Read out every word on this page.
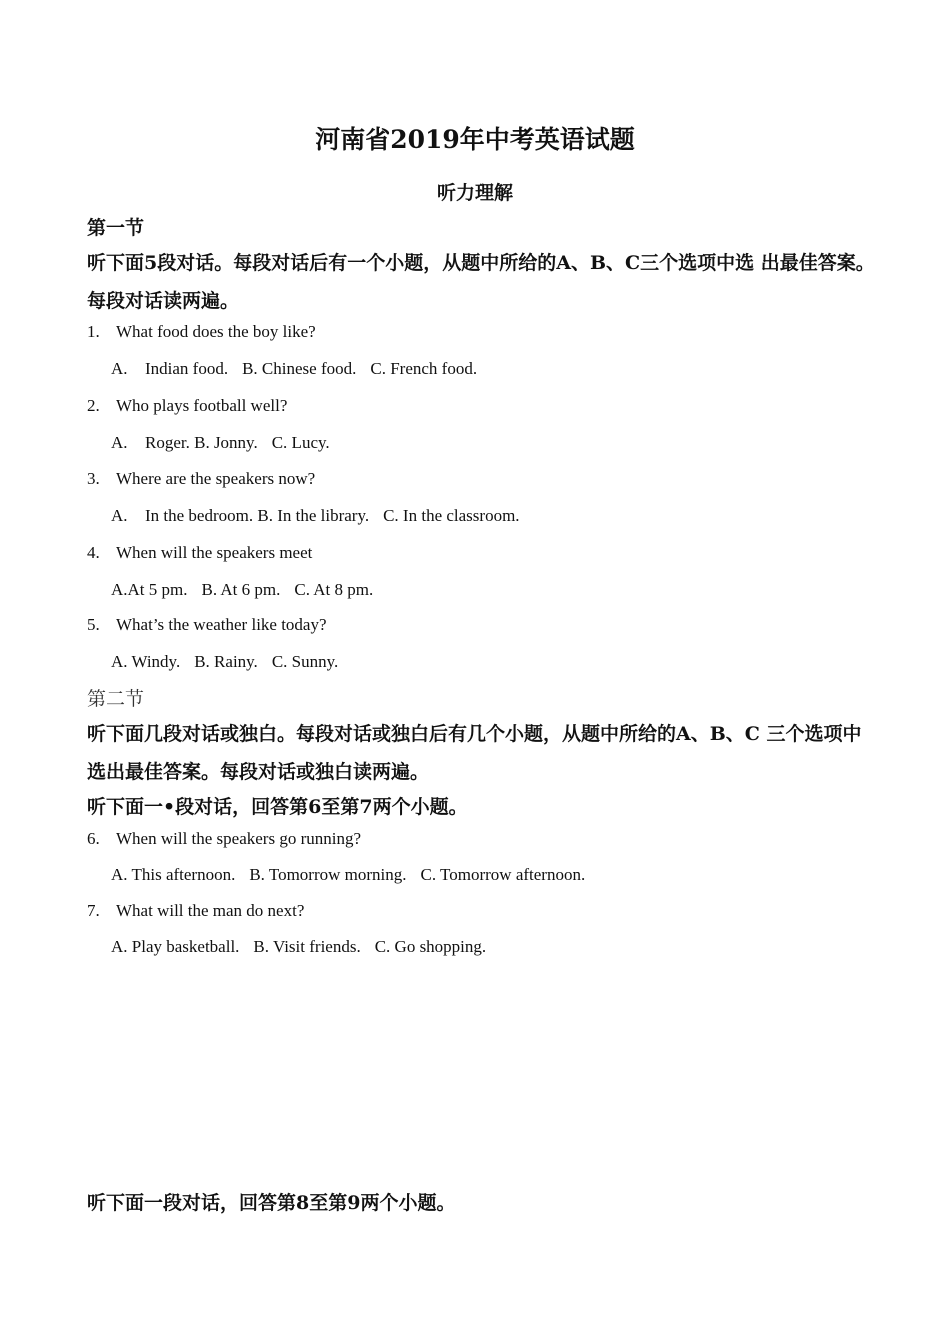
河南省2019年中考英语试题
听力理解
第一节
听下面5段对话。每段对话后有一个小题，从题中所给的A、B、C三个选项中选 出最佳答案。
每段对话读两遍。
1. What food does the boy like?
A. Indian food. B. Chinese food. C. French food.
2. Who plays football well?
A. Roger. B. Jonny. C. Lucy.
3. Where are the speakers now?
A. In the bedroom. B. In the library. C. In the classroom.
4. When will the speakers meet
A.At 5 pm. B. At 6 pm. C. At 8 pm.
5. What’s the weather like today?
A. Windy. B. Rainy. C. Sunny.
第二节
听下面几段对话或独白。每段对话或独白后有几个小题，从题中所给的A、B、C 三个选项中
选出最佳答案。每段对话或独白读两遍。
听下面一•段对话，回答第6至第7两个小题。
6. When will the speakers go running?
A. This afternoon. B. Tomorrow morning. C. Tomorrow afternoon.
7. What will the man do next?
A. Play basketball. B. Visit friends. C. Go shopping.
听下面一段对话，回答第8至第9两个小题。
